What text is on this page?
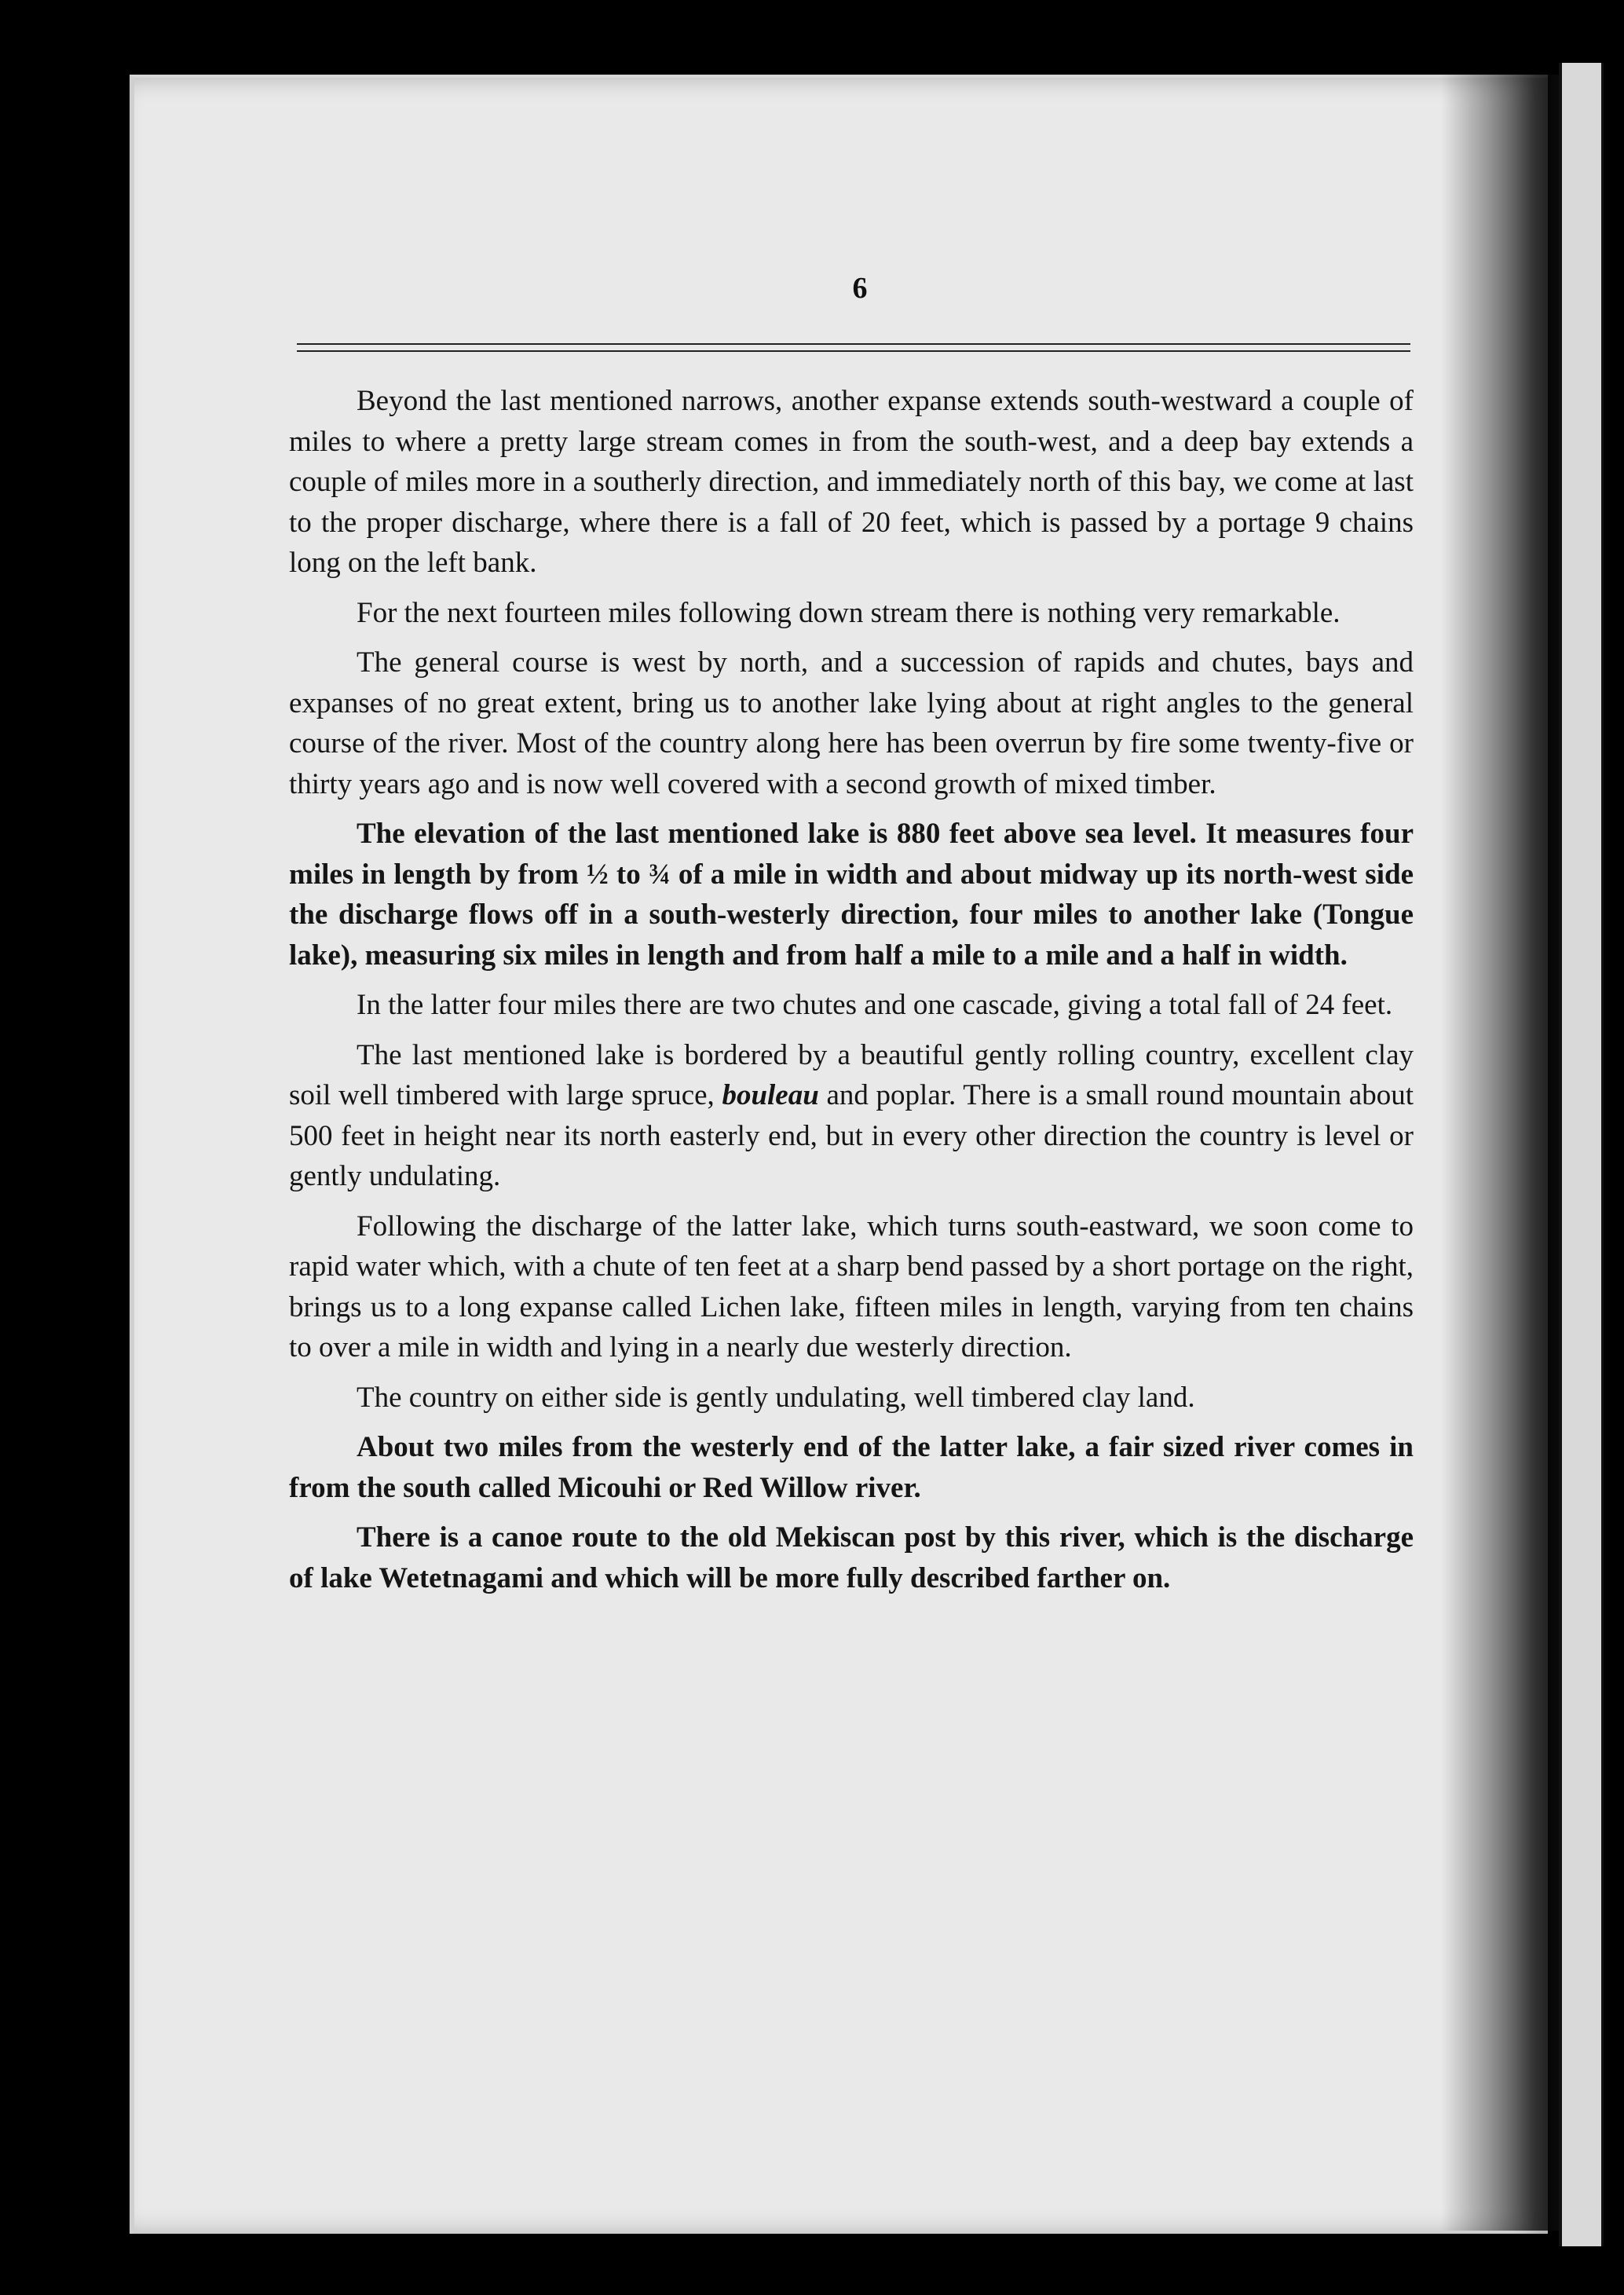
6

Beyond the last mentioned narrows, another expanse extends south-westward a couple of miles to where a pretty large stream comes in from the south-west, and a deep bay extends a couple of miles more in a southerly direction, and immediately north of this bay, we come at last to the proper discharge, where there is a fall of 20 feet, which is passed by a portage 9 chains long on the left bank.

For the next fourteen miles following down stream there is nothing very remarkable.

The general course is west by north, and a succession of rapids and chutes, bays and expanses of no great extent, bring us to another lake lying about at right angles to the general course of the river. Most of the country along here has been overrun by fire some twenty-five or thirty years ago and is now well covered with a second growth of mixed timber.

The elevation of the last mentioned lake is 880 feet above sea level. It measures four miles in length by from ½ to ¾ of a mile in width and about midway up its north-west side the discharge flows off in a south-westerly direction, four miles to another lake (Tongue lake), measuring six miles in length and from half a mile to a mile and a half in width.

In the latter four miles there are two chutes and one cascade, giving a total fall of 24 feet.

The last mentioned lake is bordered by a beautiful gently rolling country, excellent clay soil well timbered with large spruce, bouleau and poplar. There is a small round mountain about 500 feet in height near its north easterly end, but in every other direction the country is level or gently undulating.

Following the discharge of the latter lake, which turns south-eastward, we soon come to rapid water which, with a chute of ten feet at a sharp bend passed by a short portage on the right, brings us to a long expanse called Lichen lake, fifteen miles in length, varying from ten chains to over a mile in width and lying in a nearly due westerly direction.

The country on either side is gently undulating, well timbered clay land.

About two miles from the westerly end of the latter lake, a fair sized river comes in from the south called Micouhi or Red Willow river.

There is a canoe route to the old Mekiscan post by this river, which is the discharge of lake Wetetnagami and which will be more fully described farther on.
